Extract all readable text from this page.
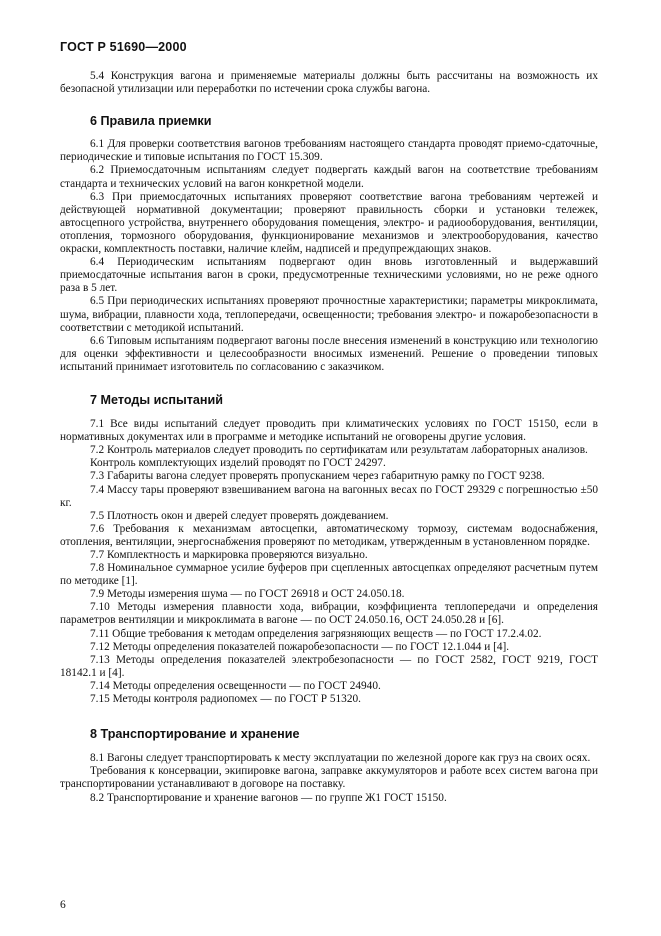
ГОСТ Р 51690—2000

5.4 Конструкция вагона и применяемые материалы должны быть рассчитаны на возможность их безопасной утилизации или переработки по истечении срока службы вагона.

6 Правила приемки

6.1 Для проверки соответствия вагонов требованиям настоящего стандарта проводят приемо-сдаточные, периодические и типовые испытания по ГОСТ 15.309.

6.2 Приемосдаточным испытаниям следует подвергать каждый вагон на соответствие требованиям стандарта и технических условий на вагон конкретной модели.

6.3 При приемосдаточных испытаниях проверяют соответствие вагона требованиям чертежей и действующей нормативной документации; проверяют правильность сборки и установки тележек, автосцепного устройства, внутреннего оборудования помещения, электро- и радиооборудования, вентиляции, отопления, тормозного оборудования, функционирование механизмов и электрооборудования, качество окраски, комплектность поставки, наличие клейм, надписей и предупреждающих знаков.

6.4 Периодическим испытаниям подвергают один вновь изготовленный и выдержавший приемосдаточные испытания вагон в сроки, предусмотренные техническими условиями, но не реже одного раза в 5 лет.

6.5 При периодических испытаниях проверяют прочностные характеристики; параметры микроклимата, шума, вибрации, плавности хода, теплопередачи, освещенности; требования электро- и пожаробезопасности в соответствии с методикой испытаний.

6.6 Типовым испытаниям подвергают вагоны после внесения изменений в конструкцию или технологию для оценки эффективности и целесообразности вносимых изменений. Решение о проведении типовых испытаний принимает изготовитель по согласованию с заказчиком.

7 Методы испытаний

7.1 Все виды испытаний следует проводить при климатических условиях по ГОСТ 15150, если в нормативных документах или в программе и методике испытаний не оговорены другие условия.

7.2 Контроль материалов следует проводить по сертификатам или результатам лабораторных анализов.

Контроль комплектующих изделий проводят по ГОСТ 24297.

7.3 Габариты вагона следует проверять пропусканием через габаритную рамку по ГОСТ 9238.

7.4 Массу тары проверяют взвешиванием вагона на вагонных весах по ГОСТ 29329 с погрешностью ±50 кг.

7.5 Плотность окон и дверей следует проверять дождеванием.

7.6 Требования к механизмам автосцепки, автоматическому тормозу, системам водоснабжения, отопления, вентиляции, энергоснабжения проверяют по методикам, утвержденным в установленном порядке.

7.7 Комплектность и маркировка проверяются визуально.

7.8 Номинальное суммарное усилие буферов при сцепленных автосцепках определяют расчетным путем по методике [1].

7.9 Методы измерения шума — по ГОСТ 26918 и ОСТ 24.050.18.

7.10 Методы измерения плавности хода, вибрации, коэффициента теплопередачи и определения параметров вентиляции и микроклимата в вагоне — по ОСТ 24.050.16, ОСТ 24.050.28 и [6].

7.11 Общие требования к методам определения загрязняющих веществ — по ГОСТ 17.2.4.02.

7.12 Методы определения показателей пожаробезопасности — по ГОСТ 12.1.044 и [4].

7.13 Методы определения показателей электробезопасности — по ГОСТ 2582, ГОСТ 9219, ГОСТ 18142.1 и [4].

7.14 Методы определения освещенности — по ГОСТ 24940.

7.15 Методы контроля радиопомех — по ГОСТ Р 51320.

8 Транспортирование и хранение

8.1 Вагоны следует транспортировать к месту эксплуатации по железной дороге как груз на своих осях.

Требования к консервации, экипировке вагона, заправке аккумуляторов и работе всех систем вагона при транспортировании устанавливают в договоре на поставку.

8.2 Транспортирование и хранение вагонов — по группе Ж1 ГОСТ 15150.

6
